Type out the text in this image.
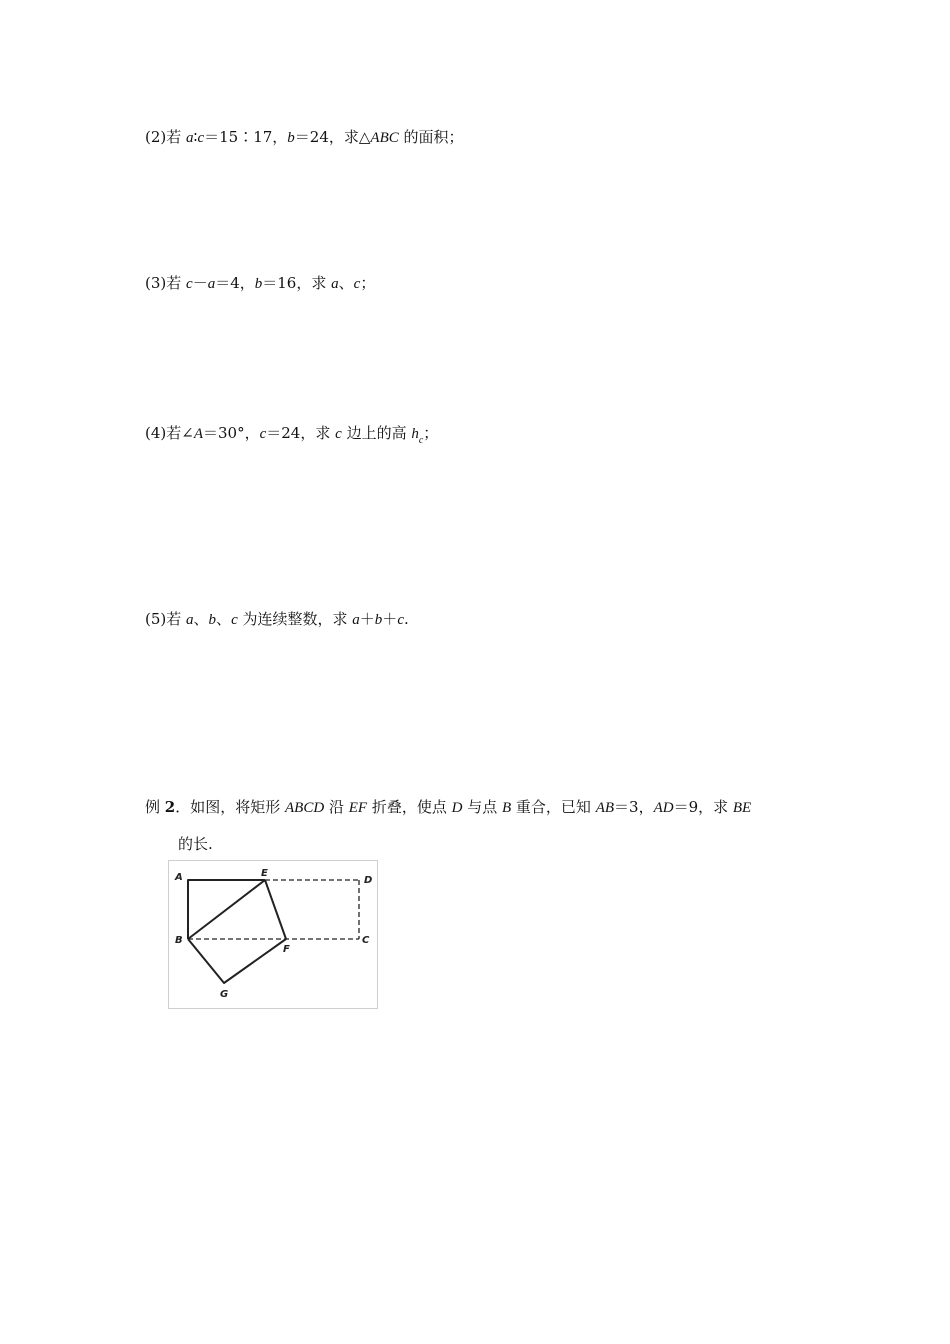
(2)若 a∶c＝15∶17，b＝24，求△ABC 的面积；
(3)若 c－a＝4，b＝16，求 a、c；
(4)若∠A＝30°，c＝24，求 c 边上的高 $h_c$；
(5)若 a、b、c 为连续整数，求 a＋b＋c.
例 2．如图，将矩形 ABCD 沿 EF 折叠，使点 D 与点 B 重合，已知 AB＝3，AD＝9，求 BE
的长.
A	E
D
B
F
C
G
